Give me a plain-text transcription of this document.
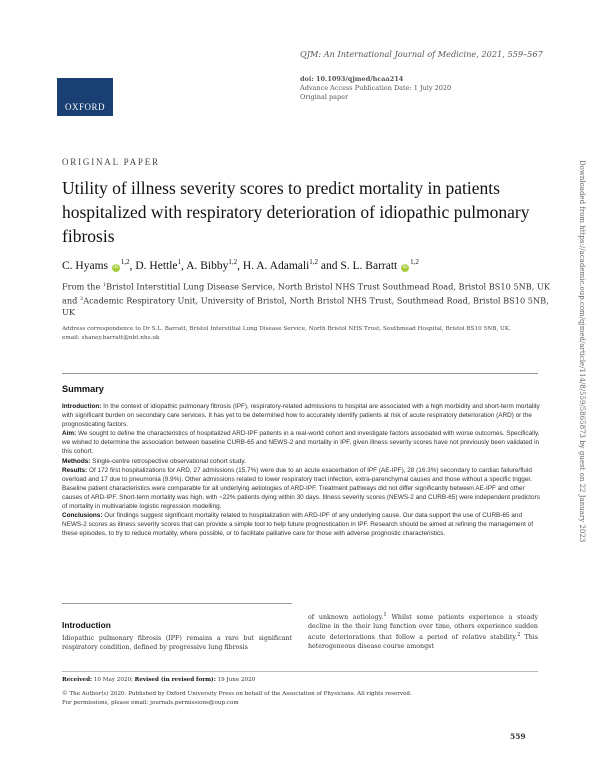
OXFORD
QJM: An International Journal of Medicine, 2021, 559–567
doi: 10.1093/qjmed/hcaa214
Advance Access Publication Date: 1 July 2020
Original paper
ORIGINAL PAPER
Utility of illness severity scores to predict mortality in patients hospitalized with respiratory deterioration of idiopathic pulmonary fibrosis
C. Hyams iD$^{1,2}$, D. Hettle$^1$, A. Bibby$^{1,2}$, H. A. Adamali$^{1,2}$ and S. L. Barratt iD$^{1,2}$
From the $^1$Bristol Interstitial Lung Disease Service, North Bristol NHS Trust Southmead Road, Bristol BS10 5NB, UK and $^2$Academic Respiratory Unit, University of Bristol, North Bristol NHS Trust, Southmead Road, Bristol BS10 5NB, UK
Address correspondence to Dr S.L. Barratt, Bristol Interstitial Lung Disease Service, North Bristol NHS Trust, Southmead Hospital, Bristol BS10 5NB, UK.
email: shaney.barratt@nbt.nhs.uk
Summary

Introduction: In the context of idiopathic pulmonary fibrosis (IPF), respiratory-related admissions to hospital are associated with a high morbidity and short-term mortality with significant burden on secondary care services. It has yet to be determined how to accurately identify patients at risk of acute respiratory deterioration (ARD) or the prognosticating factors.

Aim: We sought to define the characteristics of hospitalized ARD-IPF patients in a real-world cohort and investigate factors associated with worse outcomes. Specifically, we wished to determine the association between baseline CURB-65 and NEWS-2 and mortality in IPF, given illness severity scores have not previously been validated in this cohort.

Methods: Single-centre retrospective observational cohort study.

Results: Of 172 first hospitalizations for ARD, 27 admissions (15.7%) were due to an acute exacerbation of IPF (AE-IPF), 28 (16.3%) secondary to cardiac failure/fluid overload and 17 due to pneumonia (9.9%). Other admissions related to lower respiratory tract infection, extra-parenchymal causes and those without a specific trigger. Baseline patient characteristics were comparable for all underlying aetiologies of ARD-IPF. Treatment pathways did not differ significantly between AE-IPF and other causes of ARD-IPF. Short-term mortality was high, with ~22% patients dying within 30 days. Illness severity scores (NEWS-2 and CURB-65) were independent predictors of mortality in multivariable logistic regression modelling.

Conclusions: Our findings suggest significant mortality related to hospitalization with ARD-IPF of any underlying cause. Our data support the use of CURB-65 and NEWS-2 scores as illness severity scores that can provide a simple tool to help future prognostication in IPF. Research should be aimed at refining the management of these episodes, to try to reduce mortality, where possible, or to facilitate palliative care for those with adverse prognostic characteristics.

Introduction
Idiopathic pulmonary fibrosis (IPF) remains a rare but significant respiratory condition, defined by progressive lung fibrosis
of unknown aetiology.$^1$ Whilst some patients experience a steady decline in the their lung function over time, others experience sudden acute deteriorations that follow a period of relative stability.$^2$ This heterogeneous disease course amongst
Received: 10 May 2020; Revised (in revised form): 19 June 2020
© The Author(s) 2020. Published by Oxford University Press on behalf of the Association of Physicians. All rights reserved.
For permissions, please email: journals.permissions@oup.com
559
Downloaded from https://academic.oup.com/qjmed/article/114/8/559/5865873 by guest on 22 January 2023
